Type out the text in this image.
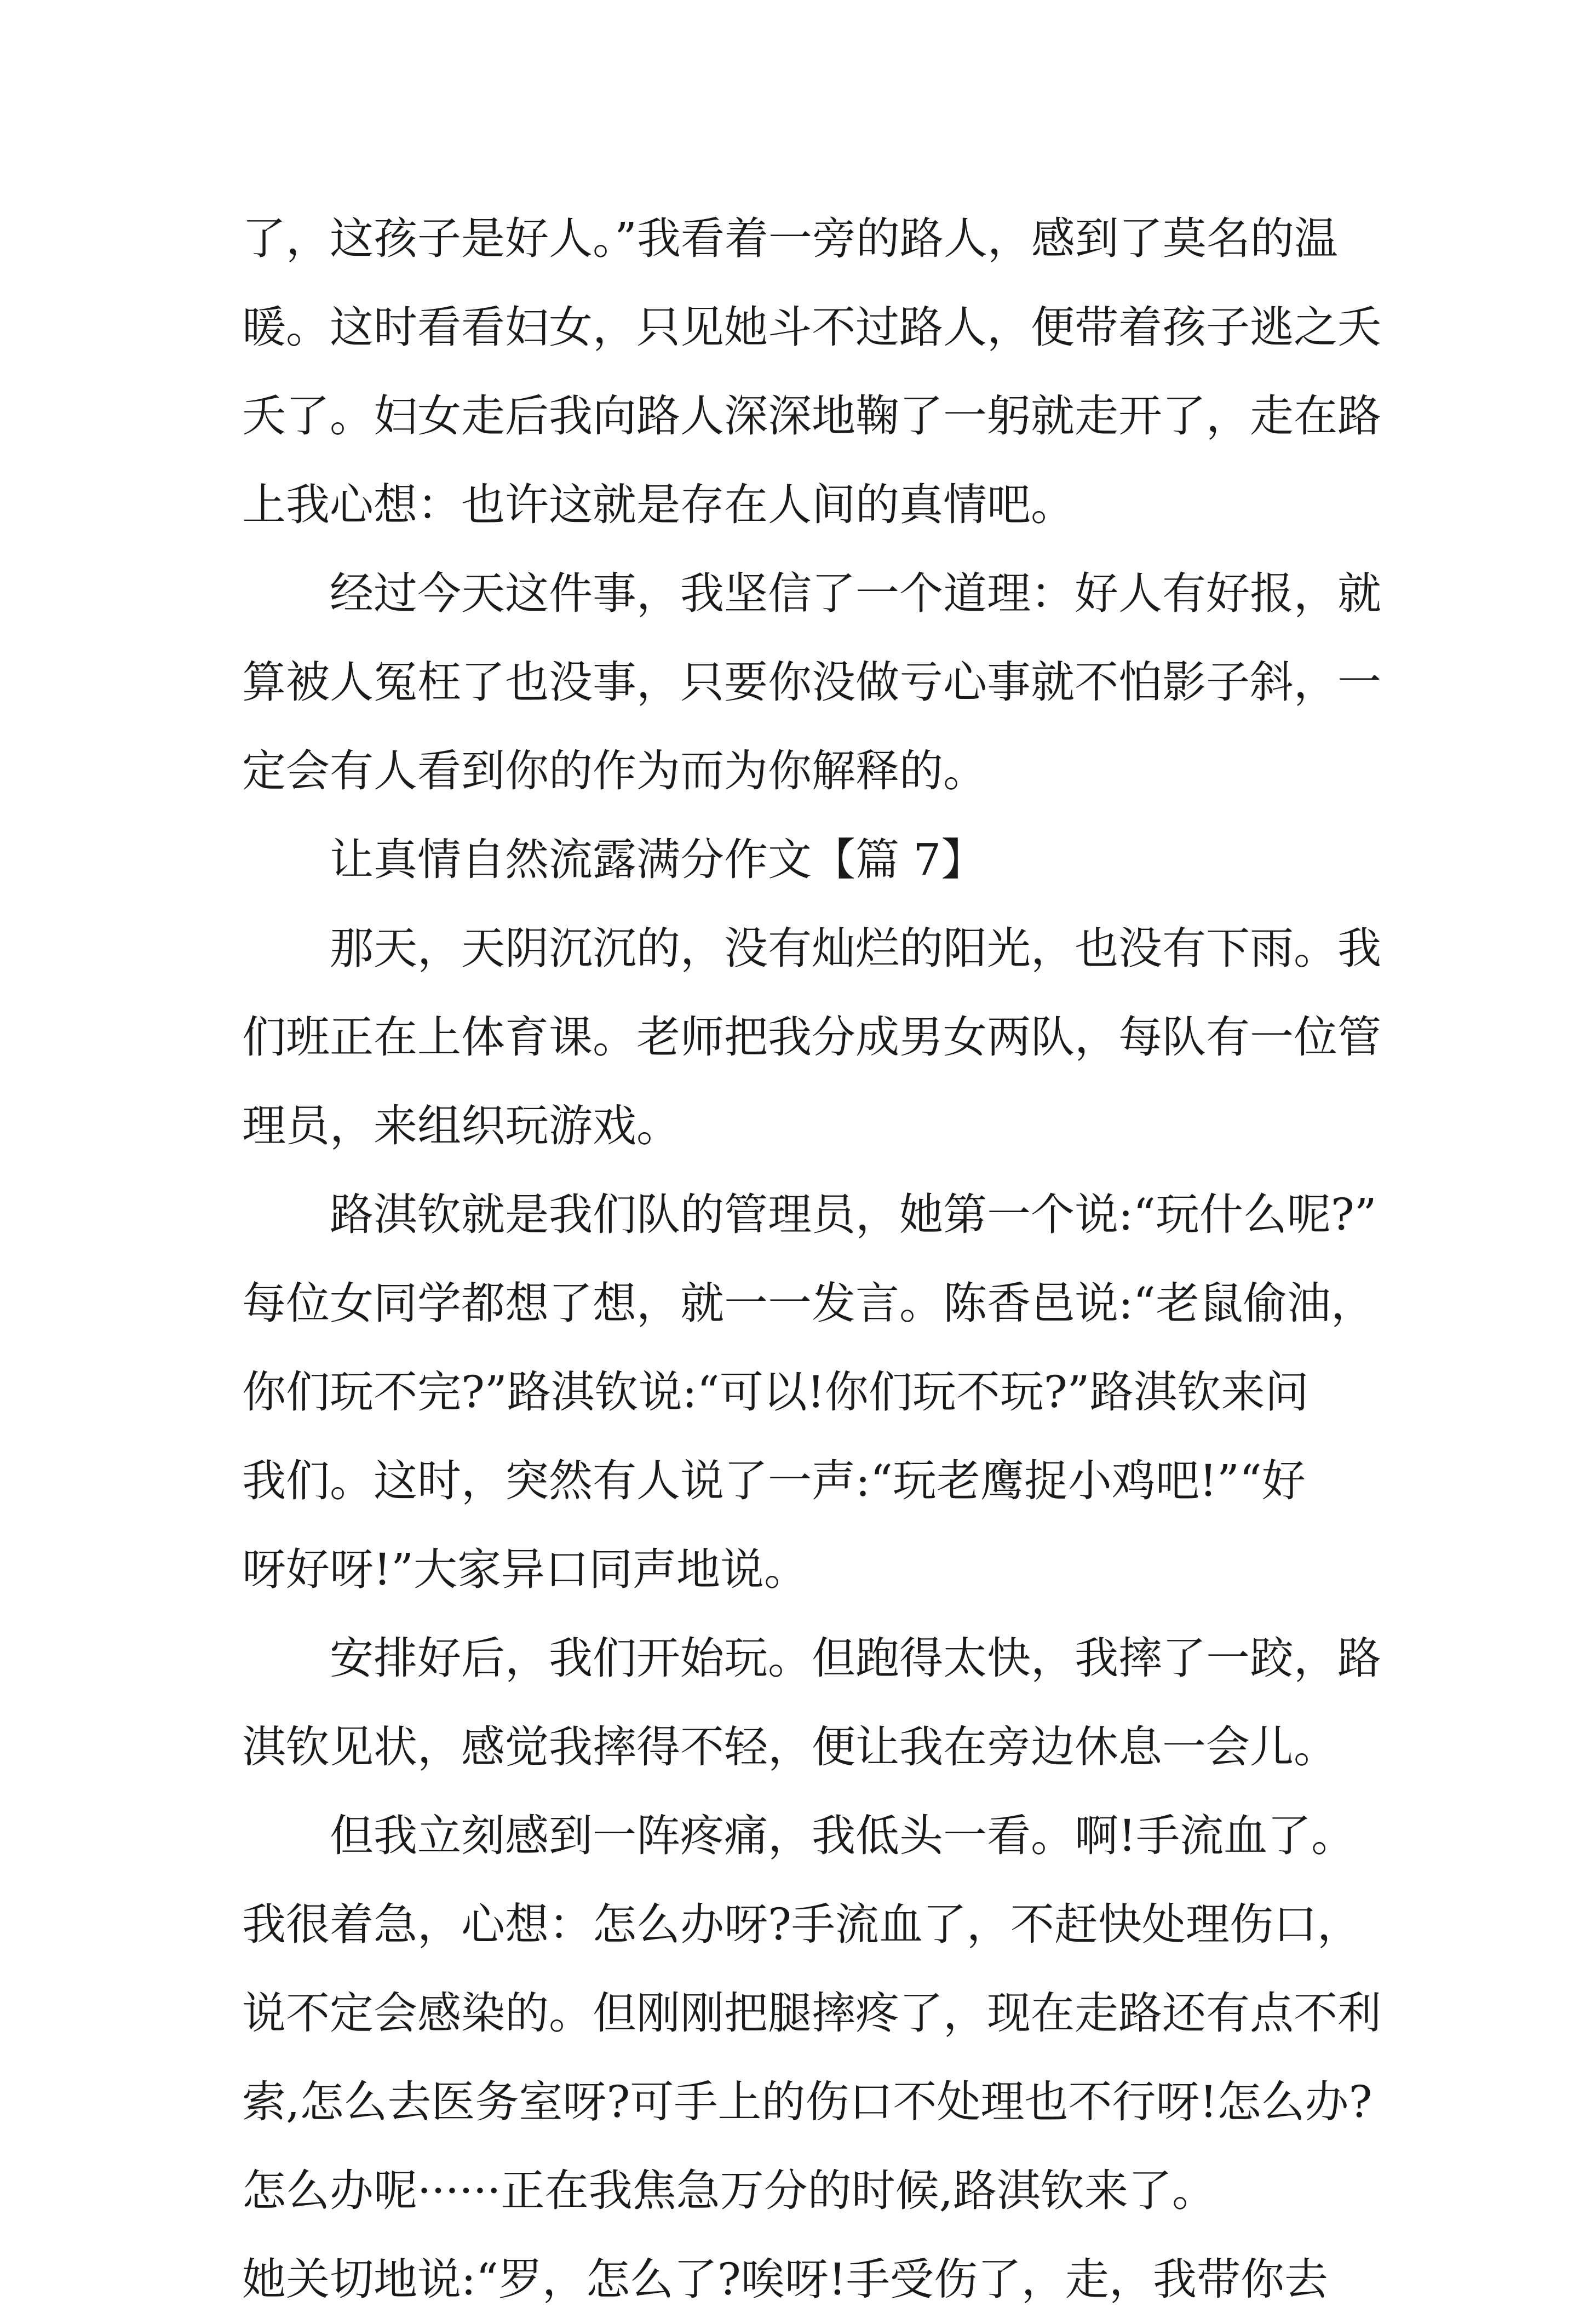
了，这孩子是好人。”我看着一旁的路人，感到了莫名的温
暖。这时看看妇女，只见她斗不过路人，便带着孩子逃之夭
夭了。妇女走后我向路人深深地鞠了一躬就走开了，走在路
上我心想：也许这就是存在人间的真情吧。
　　经过今天这件事，我坚信了一个道理：好人有好报，就
算被人冤枉了也没事，只要你没做亏心事就不怕影子斜，一
定会有人看到你的作为而为你解释的。
　　让真情自然流露满分作文【篇 7】
　　那天，天阴沉沉的，没有灿烂的阳光，也没有下雨。我
们班正在上体育课。老师把我分成男女两队，每队有一位管
理员，来组织玩游戏。
　　路淇钦就是我们队的管理员，她第一个说:“玩什么呢?”
每位女同学都想了想，就一一发言。陈香邑说:“老鼠偷油，
你们玩不完?”路淇钦说:“可以!你们玩不玩?”路淇钦来问
我们。这时，突然有人说了一声:“玩老鹰捉小鸡吧!”“好
呀好呀!”大家异口同声地说。
　　安排好后，我们开始玩。但跑得太快，我摔了一跤，路
淇钦见状，感觉我摔得不轻，便让我在旁边休息一会儿。
　　但我立刻感到一阵疼痛，我低头一看。啊!手流血了。
我很着急，心想：怎么办呀?手流血了，不赶快处理伤口，
说不定会感染的。但刚刚把腿摔疼了，现在走路还有点不利
索,怎么去医务室呀?可手上的伤口不处理也不行呀!怎么办?
怎么办呢······正在我焦急万分的时候,路淇钦来了。
她关切地说:“罗，怎么了?唉呀!手受伤了，走，我带你去
